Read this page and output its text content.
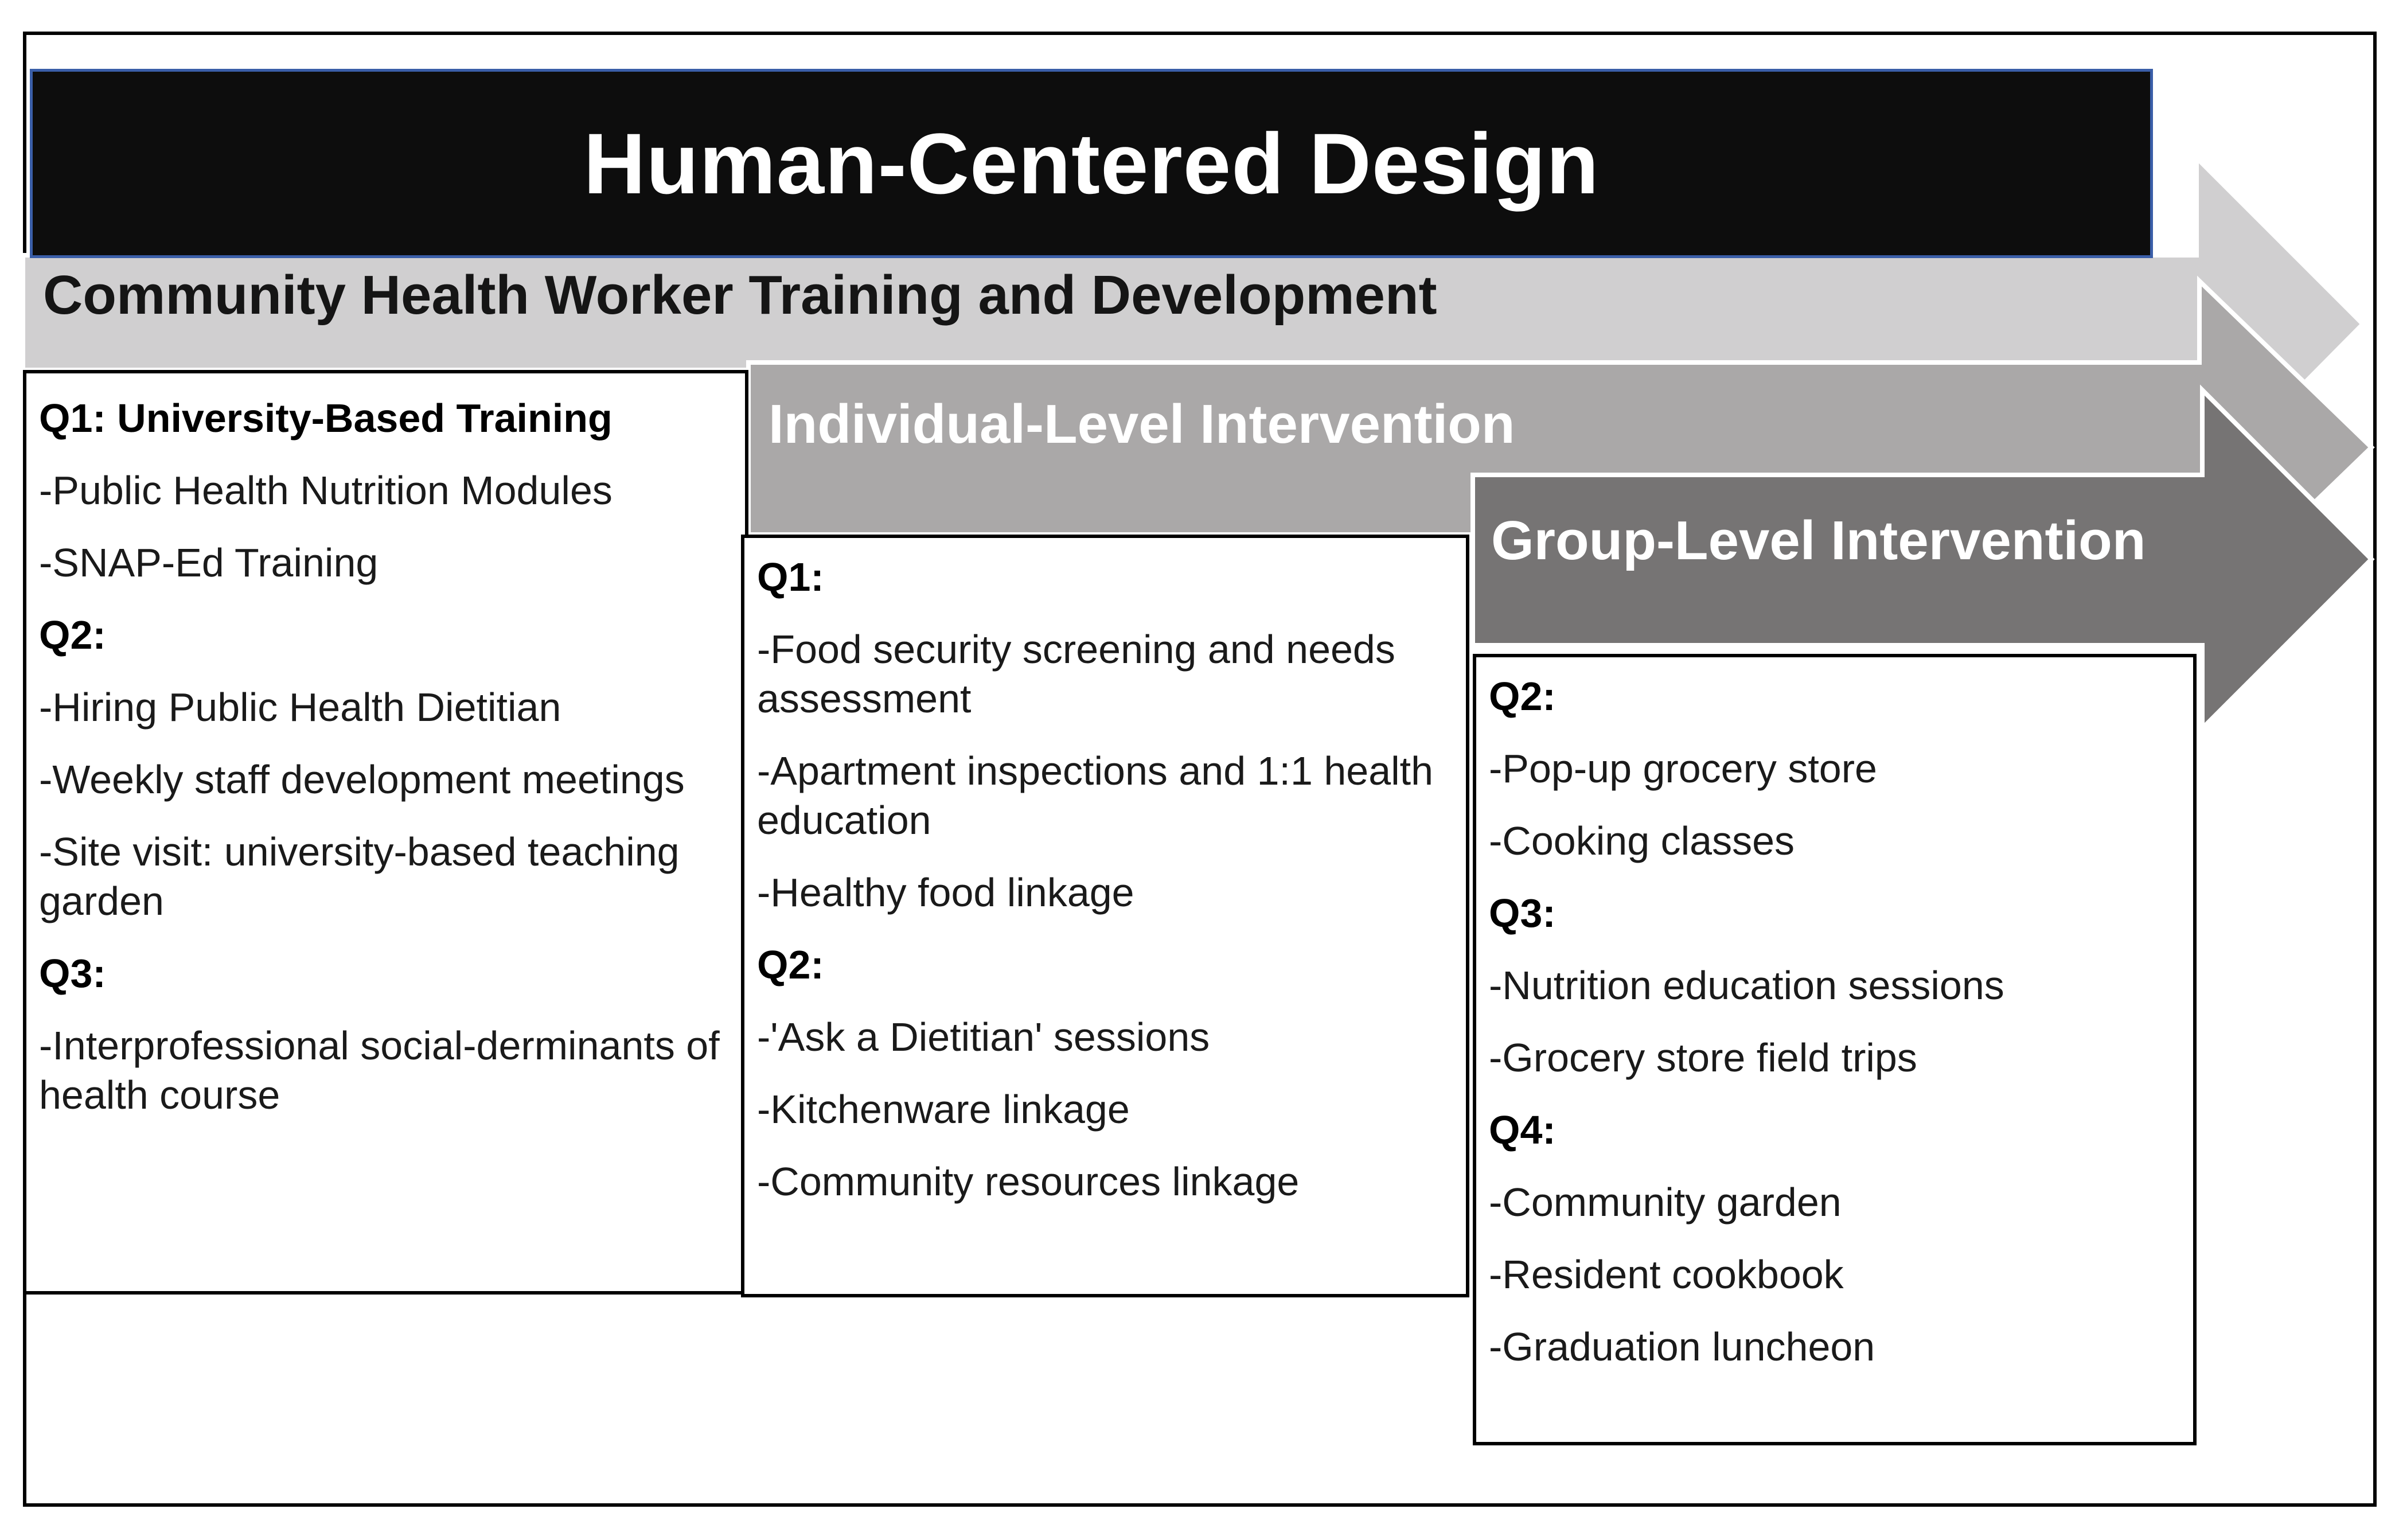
Human-Centered Design
Community Health Worker Training and Development
Individual-Level Intervention
Group-Level Intervention

Q1: University-Based Training

-Public Health Nutrition Modules

-SNAP-Ed Training

Q2:

-Hiring Public Health Dietitian

-Weekly staff development meetings

-Site visit: university-based teaching garden

Q3:

-Interprofessional social-derminants of health course

Q1:

-Food security screening and needs assessment

-Apartment inspections and 1:1 health education

-Healthy food linkage

Q2:

-'Ask a Dietitian' sessions

-Kitchenware linkage

-Community resources linkage

Q2:

-Pop-up grocery store

-Cooking classes

Q3:

-Nutrition education sessions

-Grocery store field trips

Q4:

-Community garden

-Resident cookbook

-Graduation luncheon
